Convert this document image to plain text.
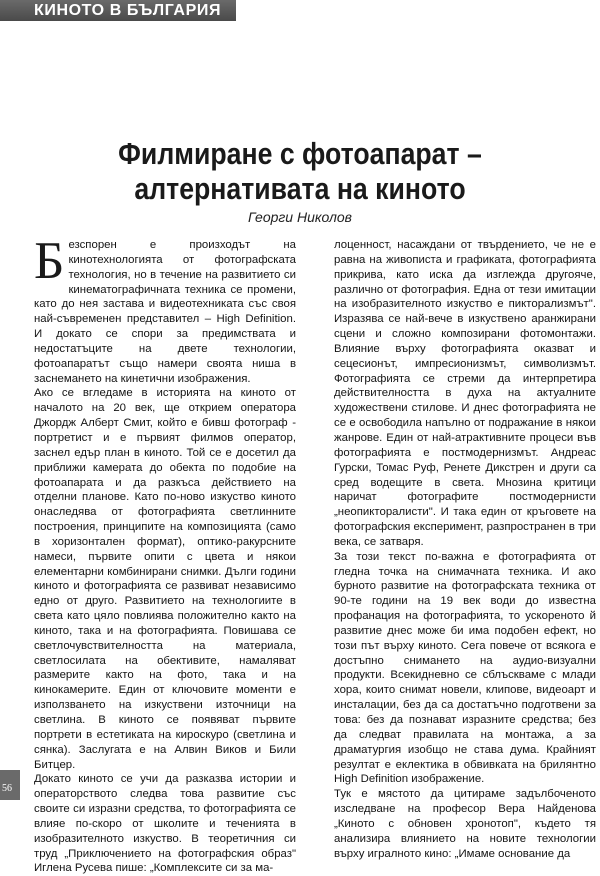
КИНОТО В БЪЛГАРИЯ
Филмиране с фотоапарат –
алтернативата на киното
Георги Николов

Безспорен е произходът на кинотехнологията от фотографската технология, но в течение на развитието си кинематографичната техника се промени, като до нея застава и видеотехниката със своя най-съвременен представител – High Definition. И докато се спори за предимствата и недостатъците на двете технологии, фотоапаратът също намери своята ниша в заснемането на кинетични изображения.

Ако се вгледаме в историята на киното от началото на 20 век, ще открием оператора Джордж Алберт Смит, който е бивш фотограф - портретист и е първият филмов оператор, заснел едър план в киното. Той се е досетил да приближи камерата до обекта по подобие на фотоапарата и да разкъса действието на отделни планове. Като по-ново изкуство киното онаследява от фотографията светлинните построения, принципите на композицията (само в хоризонтален формат), оптико-ракурсните намеси, първите опити с цвета и някои елементарни комбинирани снимки. Дълги години киното и фотографията се развиват независимо едно от друго. Развитието на технологиите в света като цяло повлиява положително както на киното, така и на фотографията. Повишава се светлочувствителността на материала, светлосилата на обективите, намаляват размерите както на фото, така и на кинокамерите. Един от ключовите моменти е използването на изкуствени източници на светлина. В киното се появяват първите портрети в естетиката на кироскуро (светлина и сянка). Заслугата е на Алвин Виков и Били Битцер.

Докато киното се учи да разказва истории и операторството следва това развитие със своите си изразни средства, то фотографията се влияе по-скоро от школите и теченията в изобразителното изкуство. В теоретичния си труд „Приключението на фотографския образ" Иглена Русева пише: „Комплексите си за ма-

лоценност, насаждани от твърдението, че не е равна на живописта и графиката, фотографията прикрива, като иска да изглежда другояче, различно от фотография. Една от тези имитации на изобразителното изкуство е пикторализмът". Изразява се най-вече в изкуствено аранжирани сцени и сложно композирани фотомонтажи. Влияние върху фотографията оказват и сецесионът, импресионизмът, символизмът. Фотографията се стреми да интерпретира действителността в духа на актуалните художествени стилове. И днес фотографията не се е освободила напълно от подражание в някои жанрове. Един от най-атрактивните процеси във фотографията е постмодернизмът. Андреас Гурски, Томас Руф, Ренете Дикстрен и други са сред водещите в света. Мнозина критици наричат фотографите постмодернисти „неопикторалисти". И така един от кръговете на фотографския експеримент, разпространен в три века, се затваря.

За този текст по-важна е фотографията от гледна точка на снимачната техника. И ако бурното развитие на фотографската техника от 90-те години на 19 век води до известна профанация на фотографията, то ускореното й развитие днес може би има подобен ефект, но този път върху киното. Сега повече от всякога е достъпно снимането на аудио-визуални продукти. Всекидневно се сблъскваме с млади хора, които снимат новели, клипове, видеоарт и инсталации, без да са достатъчно подготвени за това: без да познават изразните средства; без да следват правилата на монтажа, а за драматургия изобщо не става дума. Крайният резултат е еклектика в обвивката на брилянтно High Definition изображение.

Тук е мястото да цитираме задълбоченото изследване на професор Вера Найденова „Киното с обновен хронотоп", където тя анализира влиянието на новите технологии върху игралното кино: „Имаме основание да

56
